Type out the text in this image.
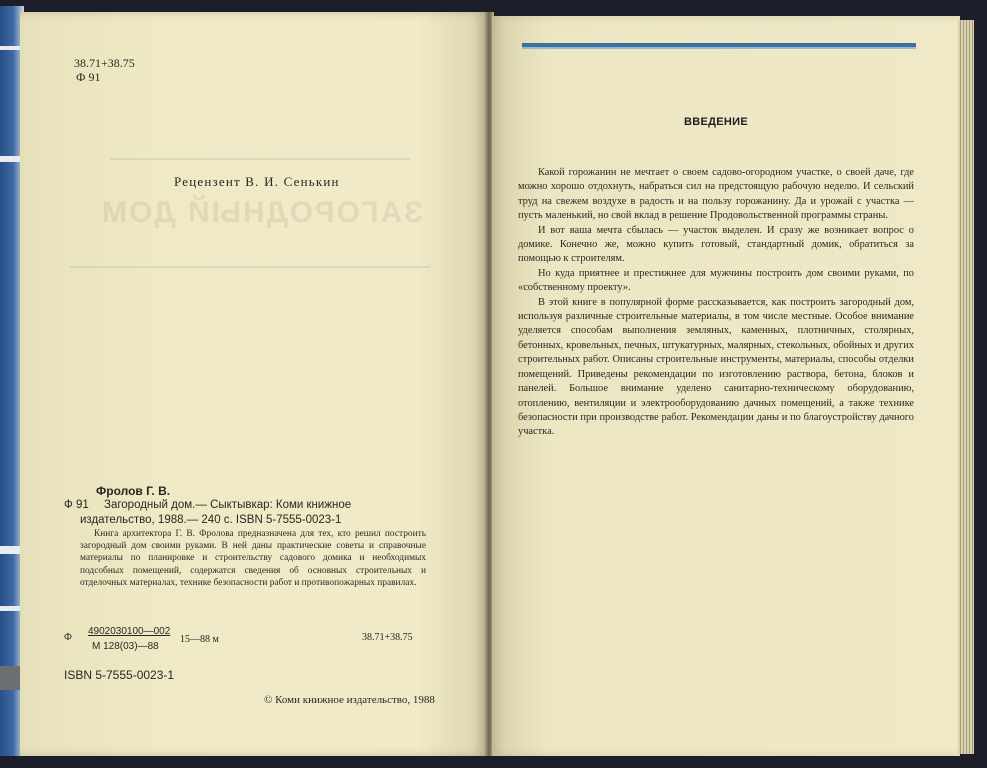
ЗАГОРОДНЫЙ ДОМ
38.71+38.75
Ф 91
Рецензент В. И. Сенькин
Фролов Г. В.
Ф 91 Загородный дом.— Сыктывкар: Коми книжное
издательство, 1988.— 240 с. ISBN 5-7555-0023-1

Книга архитектора Г. В. Фролова предназначена для тех, кто решил построить загородный дом своими руками. В ней даны практические советы и справочные материалы по планировке и строительству садового домика и необходимых подсобных помещений, содержатся сведения об основных строительных и отделочных материалах, технике безопасности работ и противопожарных правилах.

Ф
4902030100—002
М 128(03)—88
15—88 м	38.71+38.75
ISBN 5-7555-0023-1
© Коми книжное издательство, 1988
ВВЕДЕНИЕ

Какой горожанин не мечтает о своем садово-огородном участке, о своей даче, где можно хорошо отдохнуть, набраться сил на предстоящую рабочую неделю. И сельский труд на свежем воздухе в радость и на пользу горожанину. Да и урожай с участка — пусть маленький, но свой вклад в решение Продовольственной программы страны.

И вот ваша мечта сбылась — участок выделен. И сразу же возникает вопрос о домике. Конечно же, можно купить готовый, стандартный домик, обратиться за помощью к строителям.

Но куда приятнее и престижнее для мужчины построить дом своими руками, по «собственному проекту».

В этой книге в популярной форме рассказывается, как построить загородный дом, используя различные строительные материалы, в том числе местные. Особое внимание уделяется способам выполнения земляных, каменных, плотничных, столярных, бетонных, кровельных, печных, штукатурных, малярных, стекольных, обойных и других строительных работ. Описаны строительные инструменты, материалы, способы отделки помещений. Приведены рекомендации по изготовлению раствора, бетона, блоков и панелей. Большое внимание уделено санитарно-техническому оборудованию, отоплению, вентиляции и электрооборудованию дачных помещений, а также технике безопасности при производстве работ. Рекомендации даны и по благоустройству дачного участка.
